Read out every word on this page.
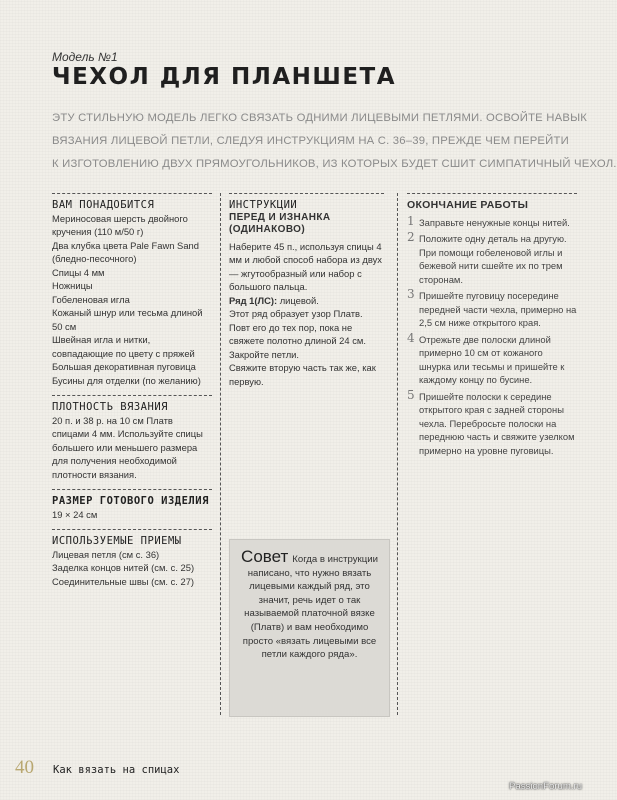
Модель №1
ЧЕХОЛ ДЛЯ ПЛАНШЕТА
ЭТУ СТИЛЬНУЮ МОДЕЛЬ ЛЕГКО СВЯЗАТЬ ОДНИМИ ЛИЦЕВЫМИ ПЕТЛЯМИ. ОСВОЙТЕ НАВЫК
ВЯЗАНИЯ ЛИЦЕВОЙ ПЕТЛИ, СЛЕДУЯ ИНСТРУКЦИЯМ НА С. 36–39, ПРЕЖДЕ ЧЕМ ПЕРЕЙТИ
К ИЗГОТОВЛЕНИЮ ДВУХ ПРЯМОУГОЛЬНИКОВ, ИЗ КОТОРЫХ БУДЕТ СШИТ СИМПАТИЧНЫЙ ЧЕХОЛ.
ВАМ ПОНАДОБИТСЯ
Мериносовая шерсть двойного кручения (110 м/50 г)
Два клубка цвета Pale Fawn Sand (бледно-песочного)
Спицы 4 мм
Ножницы
Гобеленовая игла
Кожаный шнур или тесьма длиной 50 см
Швейная игла и нитки, совпадающие по цвету с пряжей
Большая декоративная пуговица
Бусины для отделки (по желанию)
ПЛОТНОСТЬ ВЯЗАНИЯ
20 п. и 38 р. на 10 см Платв спицами 4 мм. Используйте спицы большего или меньшего размера для получения необходимой плотности вязания.
РАЗМЕР ГОТОВОГО ИЗДЕЛИЯ
19 × 24 см
ИСПОЛЬЗУЕМЫЕ ПРИЕМЫ
Лицевая петля (см с. 36)
Заделка концов нитей (см. с. 25)
Соединительные швы (см. с. 27)
ИНСТРУКЦИИ
ПЕРЕД И ИЗНАНКА (ОДИНАКОВО)
Наберите 45 п., используя спицы 4 мм и любой способ набора из двух — жгутообразный или набор с большого пальца.
Ряд 1(ЛС): лицевой.
Этот ряд образует узор Платв. Повт его до тех пор, пока не свяжете полотно длиной 24 см. Закройте петли.
Свяжите вторую часть так же, как первую.
Совет Когда в инструкции написано, что нужно вязать лицевыми каждый ряд, это значит, речь идет о так называемой платочной вязке (Платв) и вам необходимо просто «вязать лицевыми все петли каждого ряда».
ОКОНЧАНИЕ РАБОТЫ
1 Заправьте ненужные концы нитей.
2 Положите одну деталь на другую. При помощи гобеленовой иглы и бежевой нити сшейте их по трем сторонам.
3 Пришейте пуговицу посередине передней части чехла, примерно на 2,5 см ниже открытого края.
4 Отрежьте две полоски длиной примерно 10 см от кожаного шнурка или тесьмы и пришейте к каждому концу по бусине.
5 Пришейте полоски к середине открытого края с задней стороны чехла. Перебросьте полоски на переднюю часть и свяжите узелком примерно на уровне пуговицы.
40 Как вязать на спицах
PassionForum.ru
